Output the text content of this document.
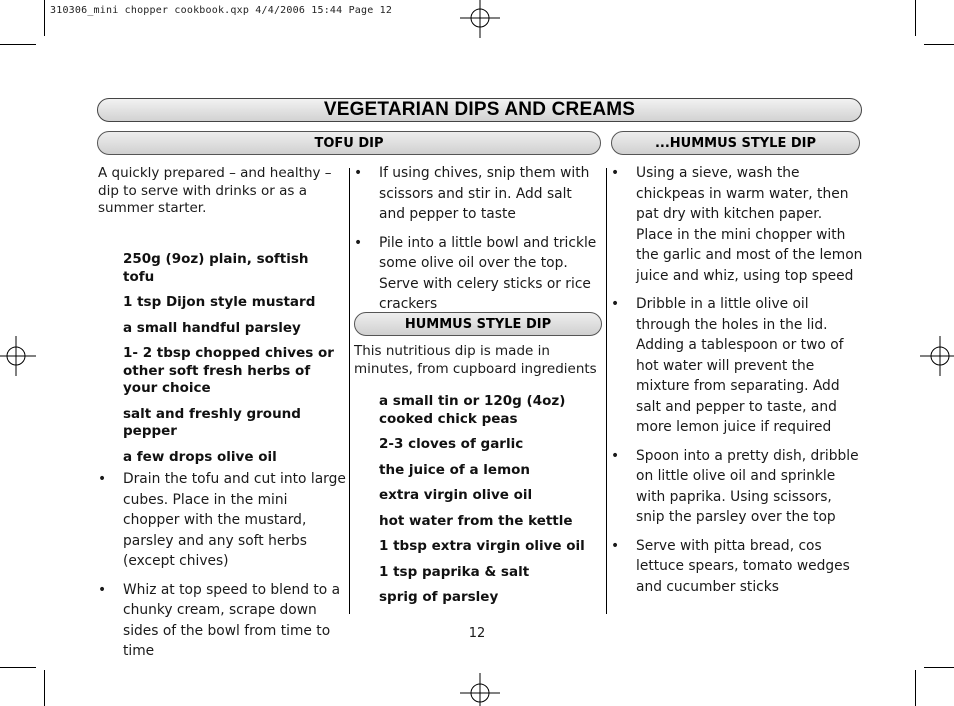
310306_mini chopper cookbook.qxp 4/4/2006 15:44 Page 12
VEGETARIAN DIPS AND CREAMS
TOFU DIP	...HUMMUS STYLE DIP
HUMMUS STYLE DIP
A quickly prepared – and healthy – dip to serve with drinks or as a summer starter.
250g (9oz) plain, softish tofu
1 tsp Dijon style mustard
a small handful parsley
1- 2 tbsp chopped chives or other soft fresh herbs of your choice
salt and freshly ground pepper
a few drops olive oil
• Drain the tofu and cut into large cubes. Place in the mini chopper with the mustard, parsley and any soft herbs (except chives)
• Whiz at top speed to blend to a chunky cream, scrape down sides of the bowl from time to time
• If using chives, snip them with scissors and stir in. Add salt and pepper to taste
• Pile into a little bowl and trickle some olive oil over the top. Serve with celery sticks or rice crackers
This nutritious dip is made in minutes, from cupboard ingredients
a small tin or 120g (4oz) cooked chick peas
2-3 cloves of garlic
the juice of a lemon
extra virgin olive oil
hot water from the kettle
1 tbsp extra virgin olive oil
1 tsp paprika & salt
sprig of parsley
• Using a sieve, wash the chickpeas in warm water, then pat dry with kitchen paper. Place in the mini chopper with the garlic and most of the lemon juice and whiz, using top speed
• Dribble in a little olive oil through the holes in the lid. Adding a tablespoon or two of hot water will prevent the mixture from separating. Add salt and pepper to taste, and more lemon juice if required
• Spoon into a pretty dish, dribble on little olive oil and sprinkle with paprika. Using scissors, snip the parsley over the top
• Serve with pitta bread, cos lettuce spears, tomato wedges and cucumber sticks
12
